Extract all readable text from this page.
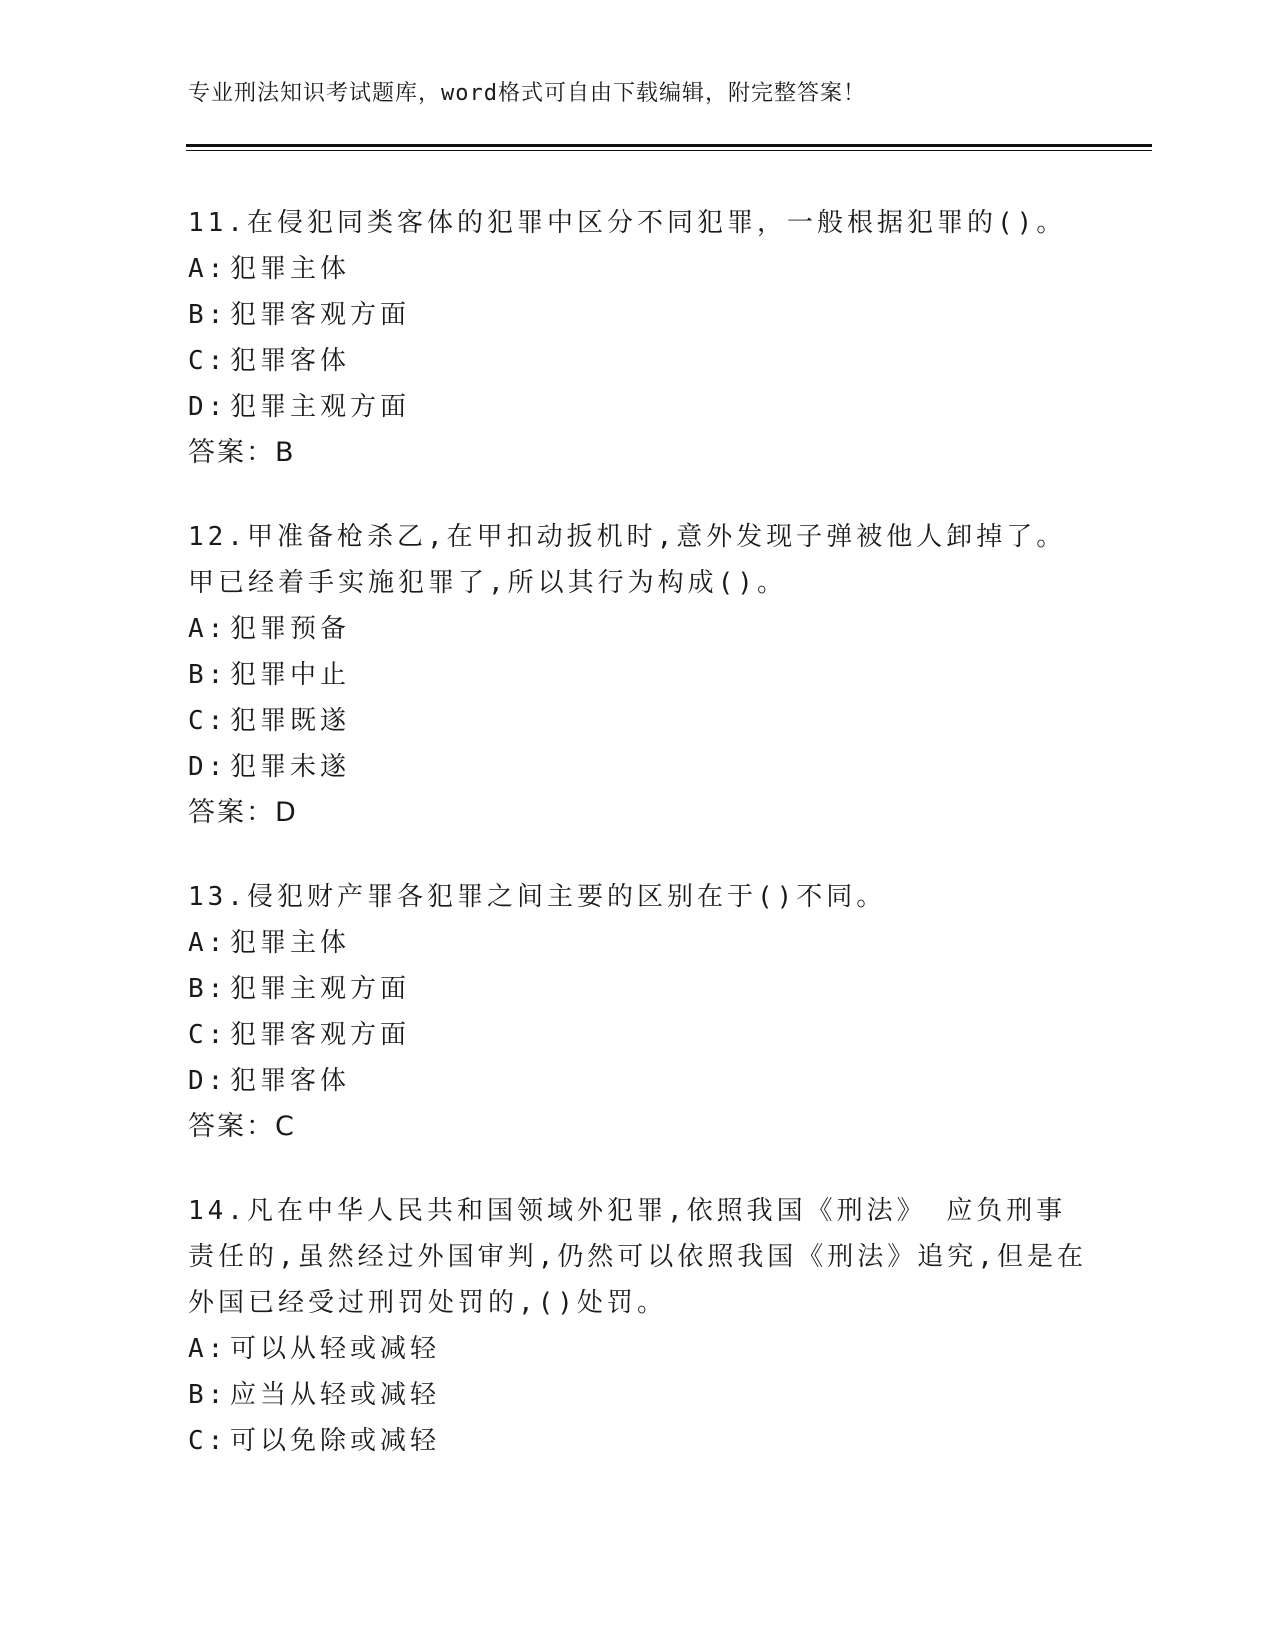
专业刑法知识考试题库，word格式可自由下载编辑，附完整答案！

11.在侵犯同类客体的犯罪中区分不同犯罪，一般根据犯罪的()。

A: 犯罪主体

B: 犯罪客观方面

C: 犯罪客体

D: 犯罪主观方面

答案：B

12.甲准备枪杀乙,在甲扣动扳机时,意外发现子弹被他人卸掉了。甲已经着手实施犯罪了,所以其行为构成()。

A: 犯罪预备

B: 犯罪中止

C: 犯罪既遂

D: 犯罪未遂

答案：D

13.侵犯财产罪各犯罪之间主要的区别在于()不同。

A: 犯罪主体

B: 犯罪主观方面

C: 犯罪客观方面

D: 犯罪客体

答案：C

14.凡在中华人民共和国领域外犯罪,依照我国《刑法》 应负刑事责任的,虽然经过外国审判,仍然可以依照我国《刑法》追究,但是在外国已经受过刑罚处罚的,()处罚。

A: 可以从轻或减轻

B: 应当从轻或减轻

C: 可以免除或减轻
